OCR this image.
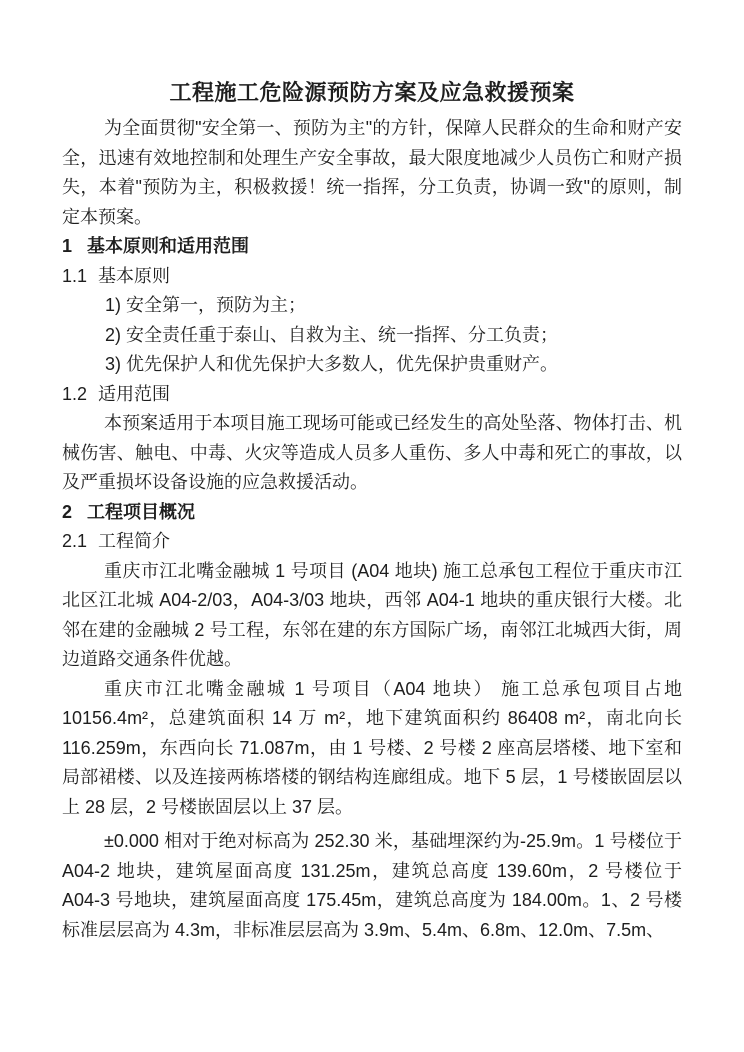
工程施工危险源预防方案及应急救援预案

为全面贯彻"安全第一、预防为主"的方针，保障人民群众的生命和财产安全，迅速有效地控制和处理生产安全事故，最大限度地减少人员伤亡和财产损失，本着"预防为主，积极救援！统一指挥，分工负责，协调一致"的原则，制定本预案。

1 基本原则和适用范围
1.1 基本原则
1) 安全第一，预防为主；
2) 安全责任重于泰山、自救为主、统一指挥、分工负责；
3) 优先保护人和优先保护大多数人，优先保护贵重财产。
1.2 适用范围

本预案适用于本项目施工现场可能或已经发生的高处坠落、物体打击、机械伤害、触电、中毒、火灾等造成人员多人重伤、多人中毒和死亡的事故，以及严重损坏设备设施的应急救援活动。

2 工程项目概况
2.1 工程简介

重庆市江北嘴金融城 1 号项目 (A04 地块) 施工总承包工程位于重庆市江北区江北城 A04-2/03，A04-3/03 地块，西邻 A04-1 地块的重庆银行大楼。北邻在建的金融城 2 号工程，东邻在建的东方国际广场，南邻江北城西大街，周边道路交通条件优越。

重庆市江北嘴金融城 1 号项目（A04 地块） 施工总承包项目占地 10156.4m²，总建筑面积 14 万 m²，地下建筑面积约 86408 m²，南北向长 116.259m，东西向长 71.087m，由 1 号楼、2 号楼 2 座高层塔楼、地下室和局部裙楼、以及连接两栋塔楼的钢结构连廊组成。地下 5 层，1 号楼嵌固层以上 28 层，2 号楼嵌固层以上 37 层。

±0.000 相对于绝对标高为 252.30 米，基础埋深约为-25.9m。1 号楼位于 A04-2 地块，建筑屋面高度 131.25m，建筑总高度 139.60m，2 号楼位于 A04-3 号地块，建筑屋面高度 175.45m，建筑总高度为 184.00m。1、2 号楼标准层层高为 4.3m，非标准层层高为 3.9m、5.4m、6.8m、12.0m、7.5m、
